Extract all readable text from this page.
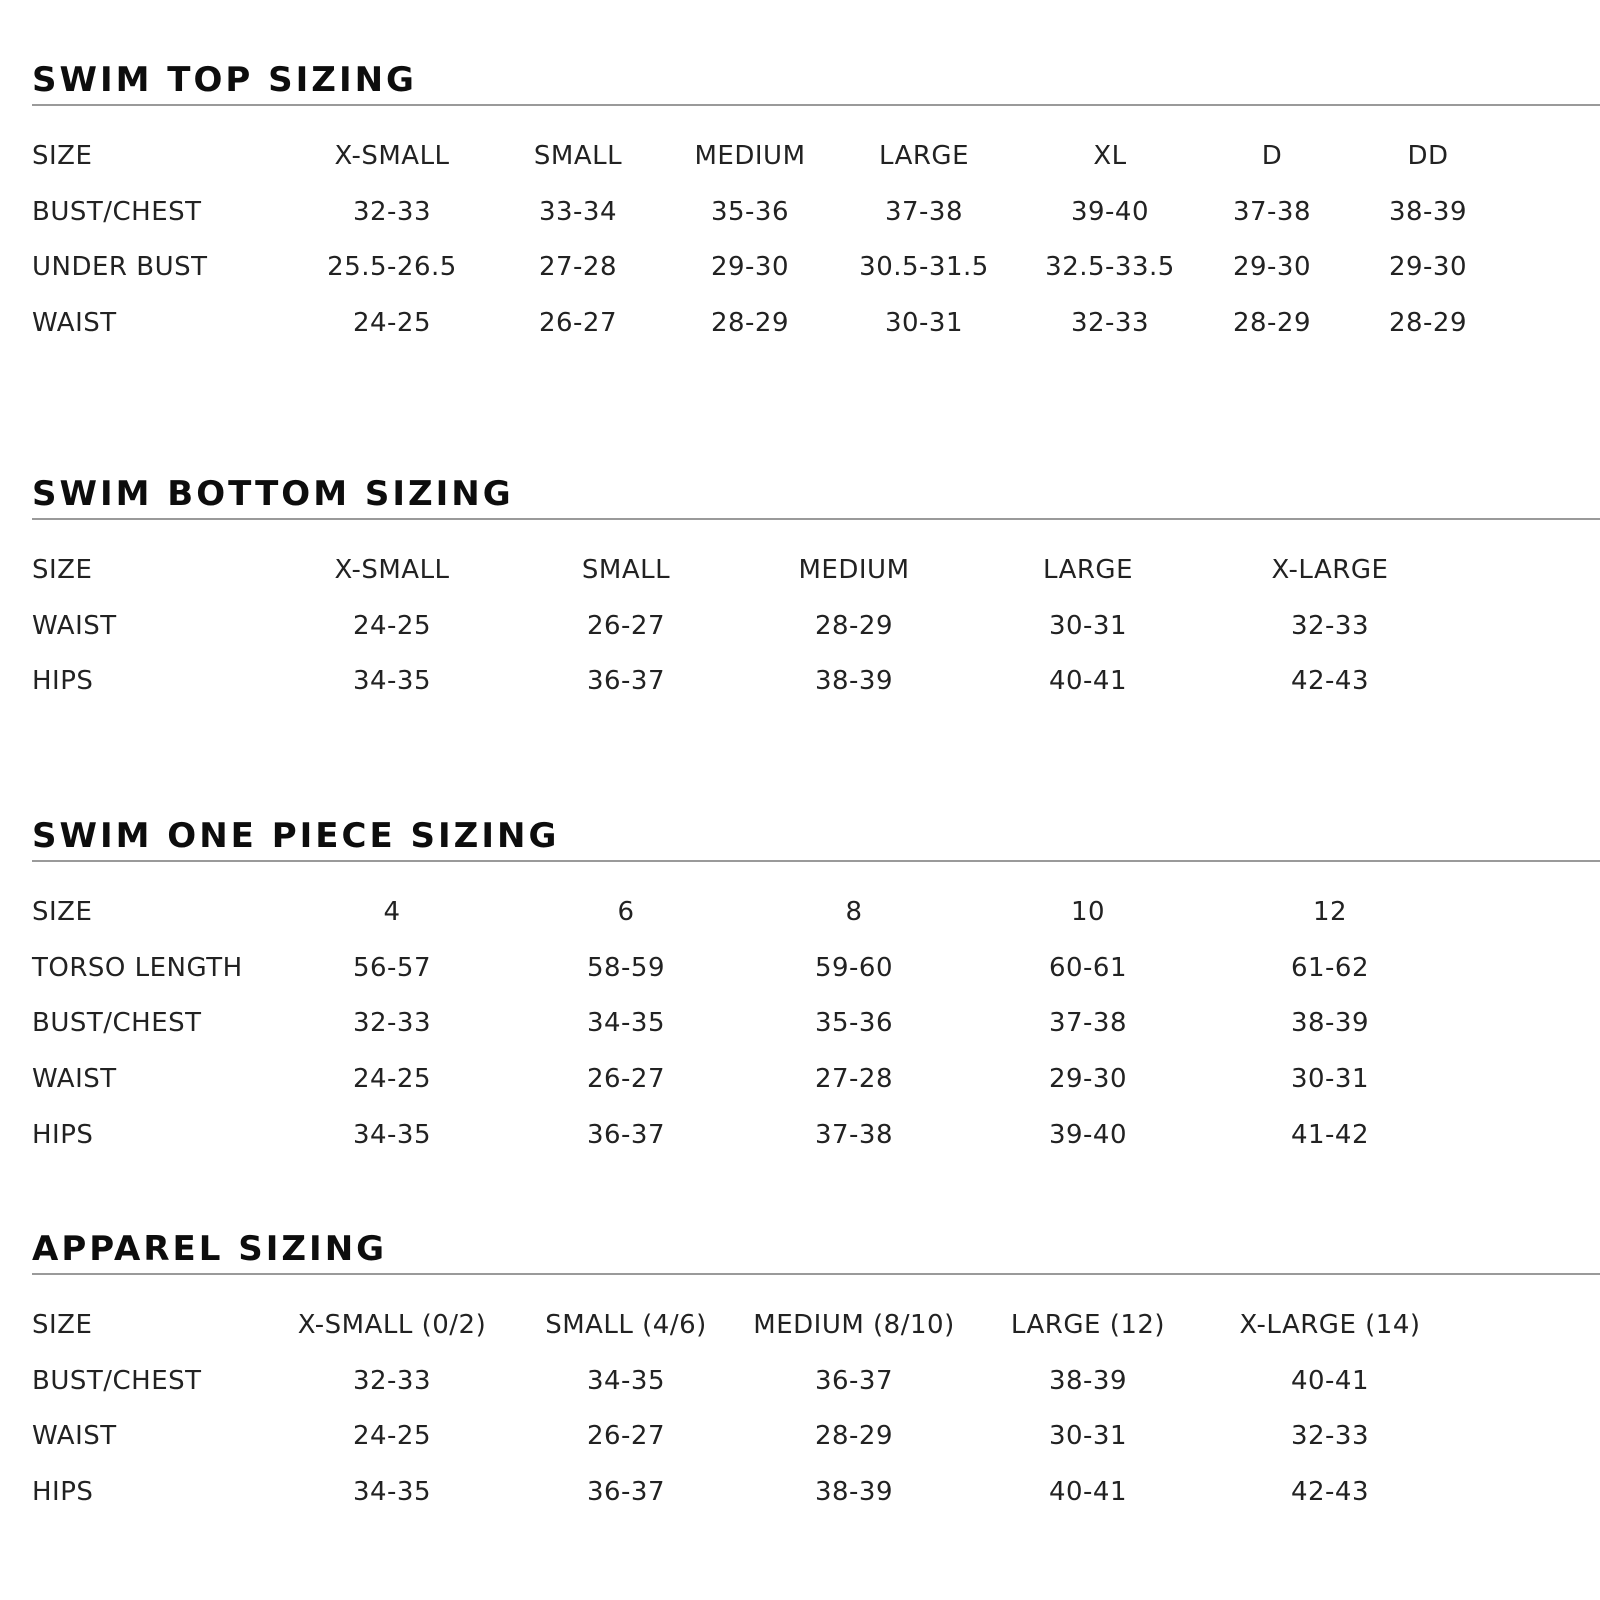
SWIM TOP SIZING
SIZE	X-SMALL	SMALL	MEDIUM	LARGE	XL	D	DD
BUST/CHEST	32-33	33-34	35-36	37-38	39-40	37-38	38-39
UNDER BUST	25.5-26.5	27-28	29-30	30.5-31.5	32.5-33.5	29-30	29-30
WAIST	24-25	26-27	28-29	30-31	32-33	28-29	28-29
SWIM BOTTOM SIZING
SIZE	X-SMALL	SMALL	MEDIUM	LARGE	X-LARGE
WAIST	24-25	26-27	28-29	30-31	32-33
HIPS	34-35	36-37	38-39	40-41	42-43
SWIM ONE PIECE SIZING
SIZE	4	6	8	10	12
TORSO LENGTH	56-57	58-59	59-60	60-61	61-62
BUST/CHEST	32-33	34-35	35-36	37-38	38-39
WAIST	24-25	26-27	27-28	29-30	30-31
HIPS	34-35	36-37	37-38	39-40	41-42
APPAREL SIZING
SIZE	X-SMALL (0/2)	SMALL (4/6)	MEDIUM (8/10)	LARGE (12)	X-LARGE (14)
BUST/CHEST	32-33	34-35	36-37	38-39	40-41
WAIST	24-25	26-27	28-29	30-31	32-33
HIPS	34-35	36-37	38-39	40-41	42-43
